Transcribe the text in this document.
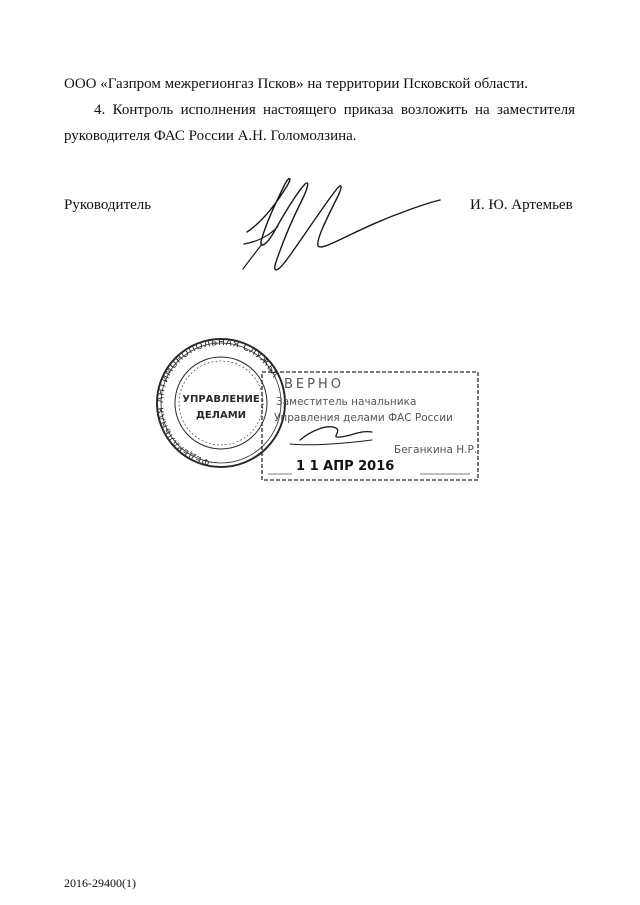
ООО «Газпром межрегионгаз Псков» на территории Псковской области.
4. Контроль исполнения настоящего приказа возложить на заместителя
руководителя ФАС России А.Н. Голомолзина.
Руководитель	И. Ю. Артемьев
ФЕДЕРАЛЬНАЯ АНТИМОНОПОЛЬНАЯ СЛУЖБА
УПРАВЛЕНИЕ
ДЕЛАМИ
ВЕРНО
Заместитель начальника
Управления делами ФАС России
Беганкина Н.Р.
1 1 АПР 2016
2016-29400(1)
